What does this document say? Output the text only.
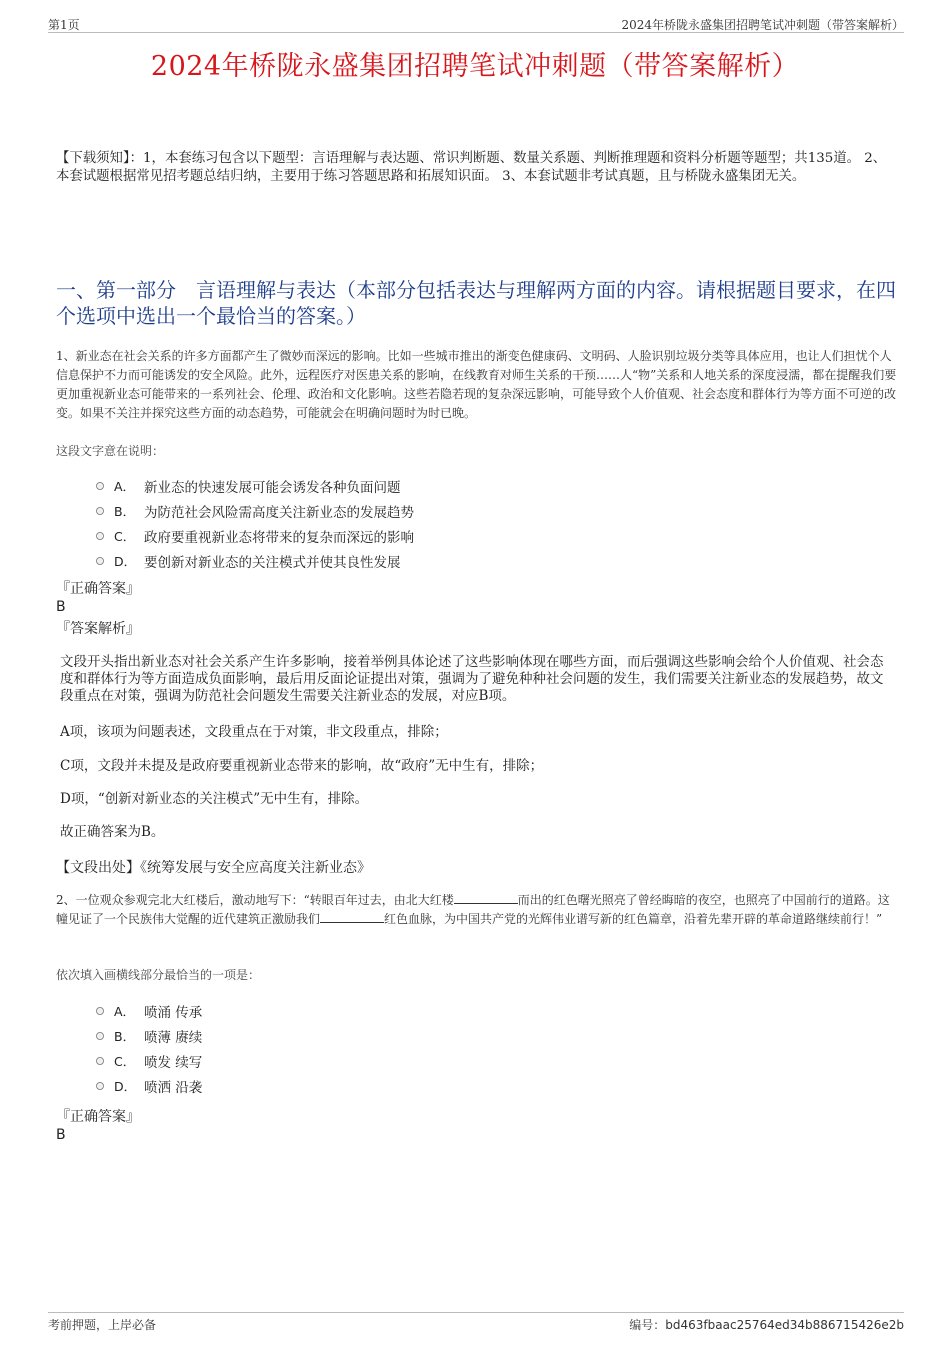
第1页	2024年桥陇永盛集团招聘笔试冲刺题（带答案解析）
2024年桥陇永盛集团招聘笔试冲刺题（带答案解析）
【下载须知】：1，本套练习包含以下题型：言语理解与表达题、常识判断题、数量关系题、判断推理题和资料分析题等题型；共135道。 2、本套试题根据常见招考题总结归纳，主要用于练习答题思路和拓展知识面。 3、本套试题非考试真题，且与桥陇永盛集团无关。
一、第一部分　言语理解与表达（本部分包括表达与理解两方面的内容。请根据题目要求，在四个选项中选出一个最恰当的答案。）
1、新业态在社会关系的许多方面都产生了微妙而深远的影响。比如一些城市推出的渐变色健康码、文明码、人脸识别垃圾分类等具体应用，也让人们担忧个人信息保护不力而可能诱发的安全风险。此外，远程医疗对医患关系的影响，在线教育对师生关系的干预……人“物”关系和人地关系的深度浸濡，都在提醒我们要更加重视新业态可能带来的一系列社会、伦理、政治和文化影响。这些若隐若现的复杂深远影响，可能导致个人价值观、社会态度和群体行为等方面不可逆的改变。如果不关注并探究这些方面的动态趋势，可能就会在明确问题时为时已晚。
这段文字意在说明：
A． 新业态的快速发展可能会诱发各种负面问题
B． 为防范社会风险需高度关注新业态的发展趋势
C． 政府要重视新业态将带来的复杂而深远的影响
D． 要创新对新业态的关注模式并使其良性发展
『正确答案』
B
『答案解析』
文段开头指出新业态对社会关系产生许多影响，接着举例具体论述了这些影响体现在哪些方面，而后强调这些影响会给个人价值观、社会态度和群体行为等方面造成负面影响，最后用反面论证提出对策，强调为了避免种种社会问题的发生，我们需要关注新业态的发展趋势，故文段重点在对策，强调为防范社会问题发生需要关注新业态的发展，对应B项。
A项，该项为问题表述，文段重点在于对策，非文段重点，排除；
C项，文段并未提及是政府要重视新业态带来的影响，故“政府”无中生有，排除；
D项，“创新对新业态的关注模式”无中生有，排除。
故正确答案为B。
【文段出处】《统筹发展与安全应高度关注新业态》
2、一位观众参观完北大红楼后，激动地写下：“转眼百年过去，由北大红楼	而出的红色曙光照亮了曾经晦暗的夜空，也照亮了中国前行的道路。这幢见证了一个民族伟大觉醒的近代建筑正激励我们	红色血脉，为中国共产党的光辉伟业谱写新的红色篇章，沿着先辈开辟的革命道路继续前行！”
依次填入画横线部分最恰当的一项是：
A． 喷涌 传承
B． 喷薄 赓续
C． 喷发 续写
D． 喷洒 沿袭
『正确答案』
B
考前押题，上岸必备	编号：bd463fbaac25764ed34b886715426e2b
